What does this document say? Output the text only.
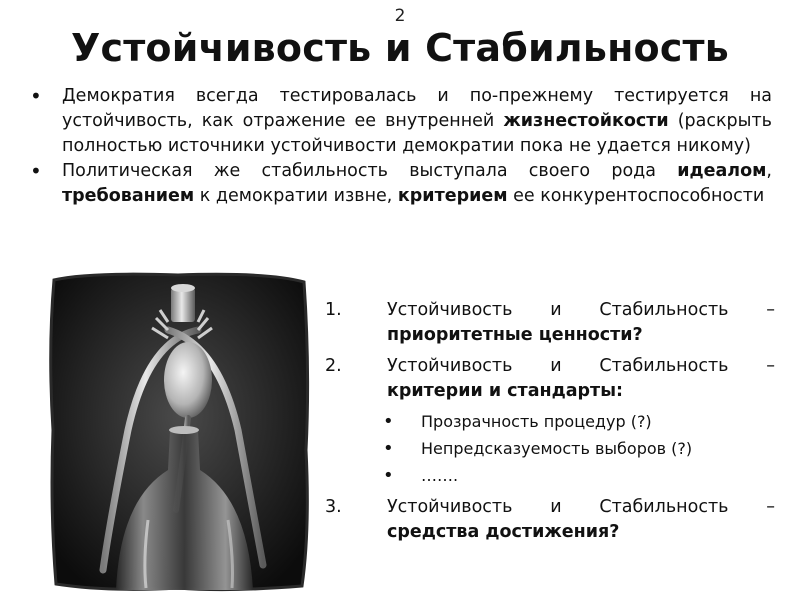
2
Устойчивость и Стабильность
• Демократия всегда тестировалась и по-прежнему тестируется на устойчивость, как отражение ее внутренней жизнестойкости (раскрыть полностью источники устойчивости демократии пока не удается никому)
• Политическая же стабильность выступала своего рода идеалом, требованием к демократии извне, критерием ее конкурентоспособности
1.	Устойчивость и Стабильность –
приоритетные ценности?
2.	Устойчивость и Стабильность –
критерии и стандарты:
• Прозрачность процедур (?)
• Непредсказуемость выборов (?)
• …….
3.	Устойчивость и Стабильность –
средства достижения?
